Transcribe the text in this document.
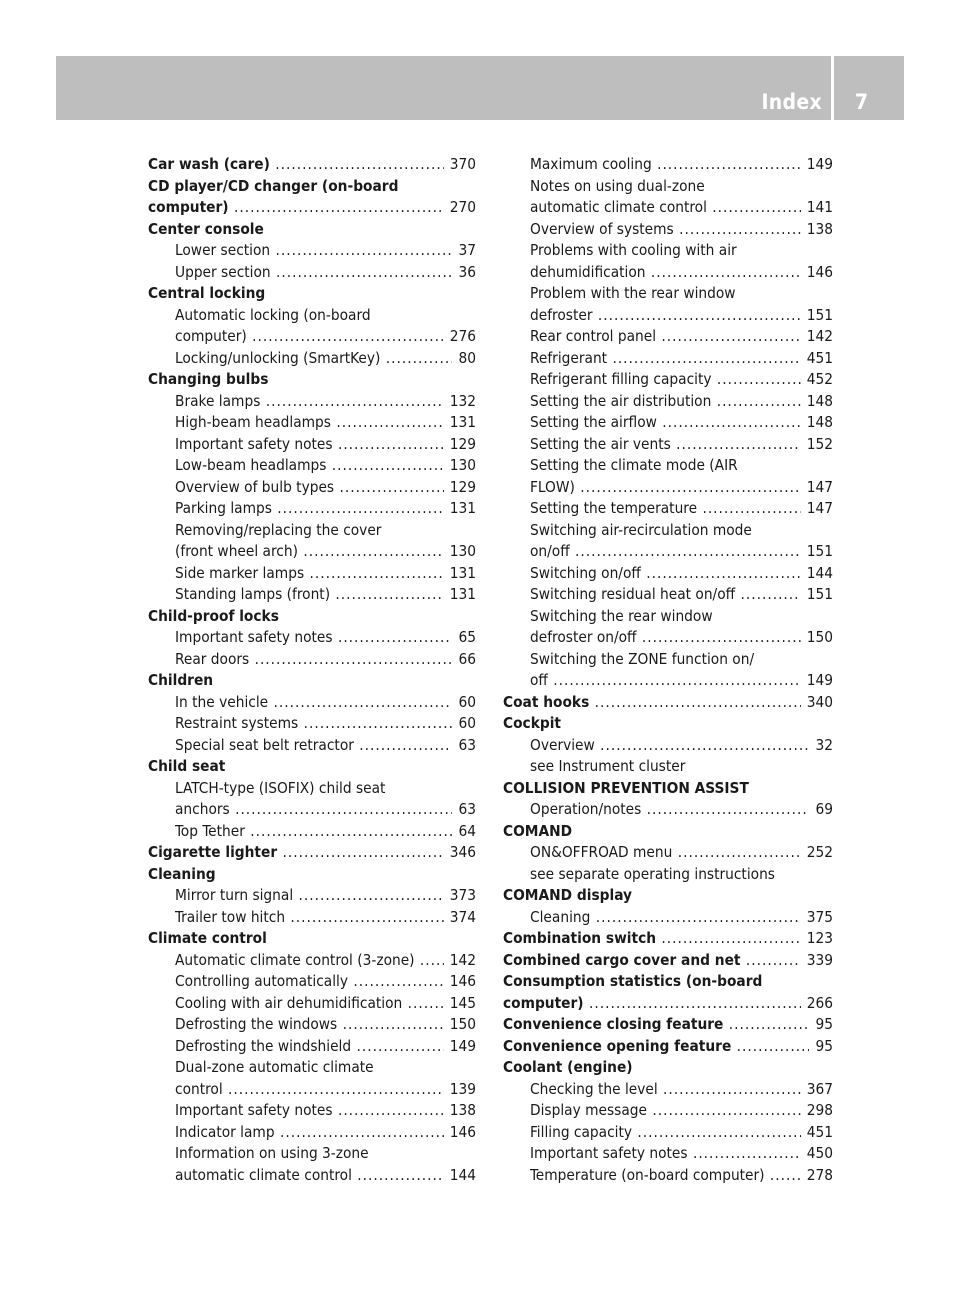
Index 7
Car wash (care)	370
.....
CD player/CD changer (on-board
computer)	270
.....
Center console
Lower section	37
.....
Upper section	36
.....
Central locking
Automatic locking (on-board
computer)	276
.....
Locking/unlocking (SmartKey)	80
.....
Changing bulbs
Brake lamps	132
.....
High-beam headlamps	131
.....
Important safety notes	129
.....
Low-beam headlamps	130
.....
Overview of bulb types	129
.....
Parking lamps	131
.....
Removing/replacing the cover
(front wheel arch)	130
.....
Side marker lamps	131
.....
Standing lamps (front)	131
.....
Child-proof locks
Important safety notes	65
.....
Rear doors	66
.....
Children
In the vehicle	60
.....
Restraint systems	60
.....
Special seat belt retractor	63
.....
Child seat
LATCH-type (ISOFIX) child seat
anchors	63
.....
Top Tether	64
.....
Cigarette lighter	346
.....
Cleaning
Mirror turn signal	373
.....
Trailer tow hitch	374
.....
Climate control
Automatic climate control (3-zone)	142
.....
Controlling automatically	146
.....
Cooling with air dehumidification	145
.....
Defrosting the windows	150
.....
Defrosting the windshield	149
.....
Dual-zone automatic climate
control	139
.....
Important safety notes	138
.....
Indicator lamp	146
.....
Information on using 3-zone
automatic climate control	144
.....
Maximum cooling	149
.....
Notes on using dual-zone
automatic climate control	141
.....
Overview of systems	138
.....
Problems with cooling with air
dehumidification	146
.....
Problem with the rear window
defroster	151
.....
Rear control panel	142
.....
Refrigerant	451
.....
Refrigerant filling capacity	452
.....
Setting the air distribution	148
.....
Setting the airflow	148
.....
Setting the air vents	152
.....
Setting the climate mode (AIR
FLOW)	147
.....
Setting the temperature	147
.....
Switching air-recirculation mode
on/off	151
.....
Switching on/off	144
.....
Switching residual heat on/off	151
.....
Switching the rear window
defroster on/off	150
.....
Switching the ZONE function on/
off	149
.....
Coat hooks	340
.....
Cockpit
Overview	32
.....
see Instrument cluster
COLLISION PREVENTION ASSIST
Operation/notes	69
.....
COMAND
ON&OFFROAD menu	252
.....
see separate operating instructions
COMAND display
Cleaning	375
.....
Combination switch	123
.....
Combined cargo cover and net	339
.....
Consumption statistics (on-board
computer)	266
.....
Convenience closing feature	95
.....
Convenience opening feature	95
.....
Coolant (engine)
Checking the level	367
.....
Display message	298
.....
Filling capacity	451
.....
Important safety notes	450
.....
Temperature (on-board computer)	278
.....
